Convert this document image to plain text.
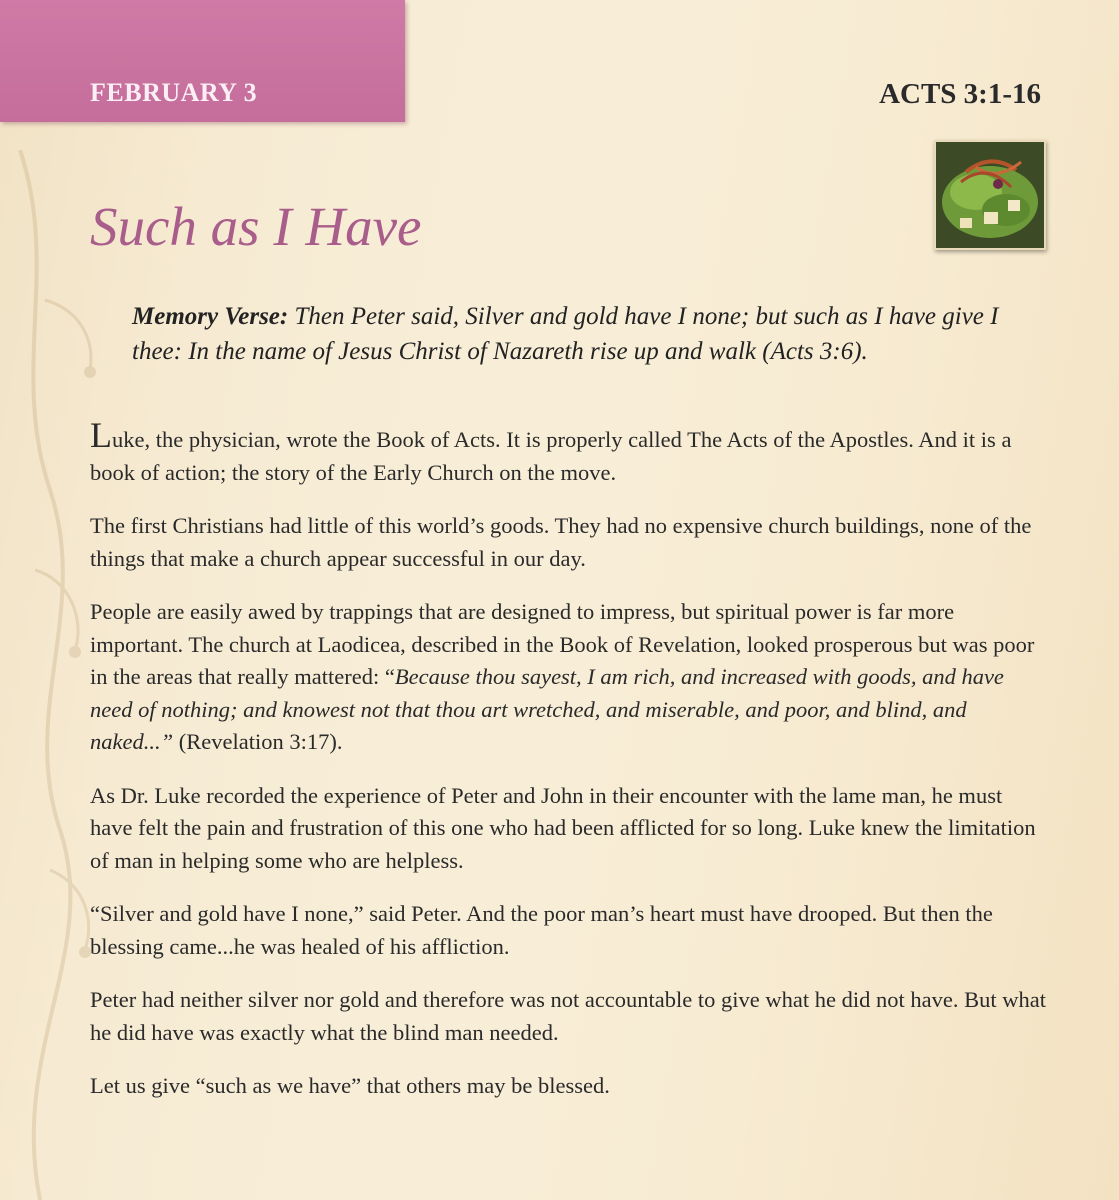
FEBRUARY 3	ACTS 3:1-16
Such as I Have
Memory Verse: Then Peter said, Silver and gold have I none; but such as I have give I thee: In the name of Jesus Christ of Nazareth rise up and walk (Acts 3:6).

Luke, the physician, wrote the Book of Acts. It is properly called The Acts of the Apostles. And it is a book of action; the story of the Early Church on the move.

The first Christians had little of this world’s goods. They had no expensive church buildings, none of the things that make a church appear successful in our day.

People are easily awed by trappings that are designed to impress, but spiritual power is far more important. The church at Laodicea, described in the Book of Revelation, looked prosperous but was poor in the areas that really mattered: “Because thou sayest, I am rich, and increased with goods, and have need of nothing; and knowest not that thou art wretched, and miserable, and poor, and blind, and naked...” (Revelation 3:17).

As Dr. Luke recorded the experience of Peter and John in their encounter with the lame man, he must have felt the pain and frustration of this one who had been afflicted for so long. Luke knew the limitation of man in helping some who are helpless.

“Silver and gold have I none,” said Peter. And the poor man’s heart must have drooped. But then the blessing came...he was healed of his affliction.

Peter had neither silver nor gold and therefore was not accountable to give what he did not have. But what he did have was exactly what the blind man needed.

Let us give “such as we have” that others may be blessed.
